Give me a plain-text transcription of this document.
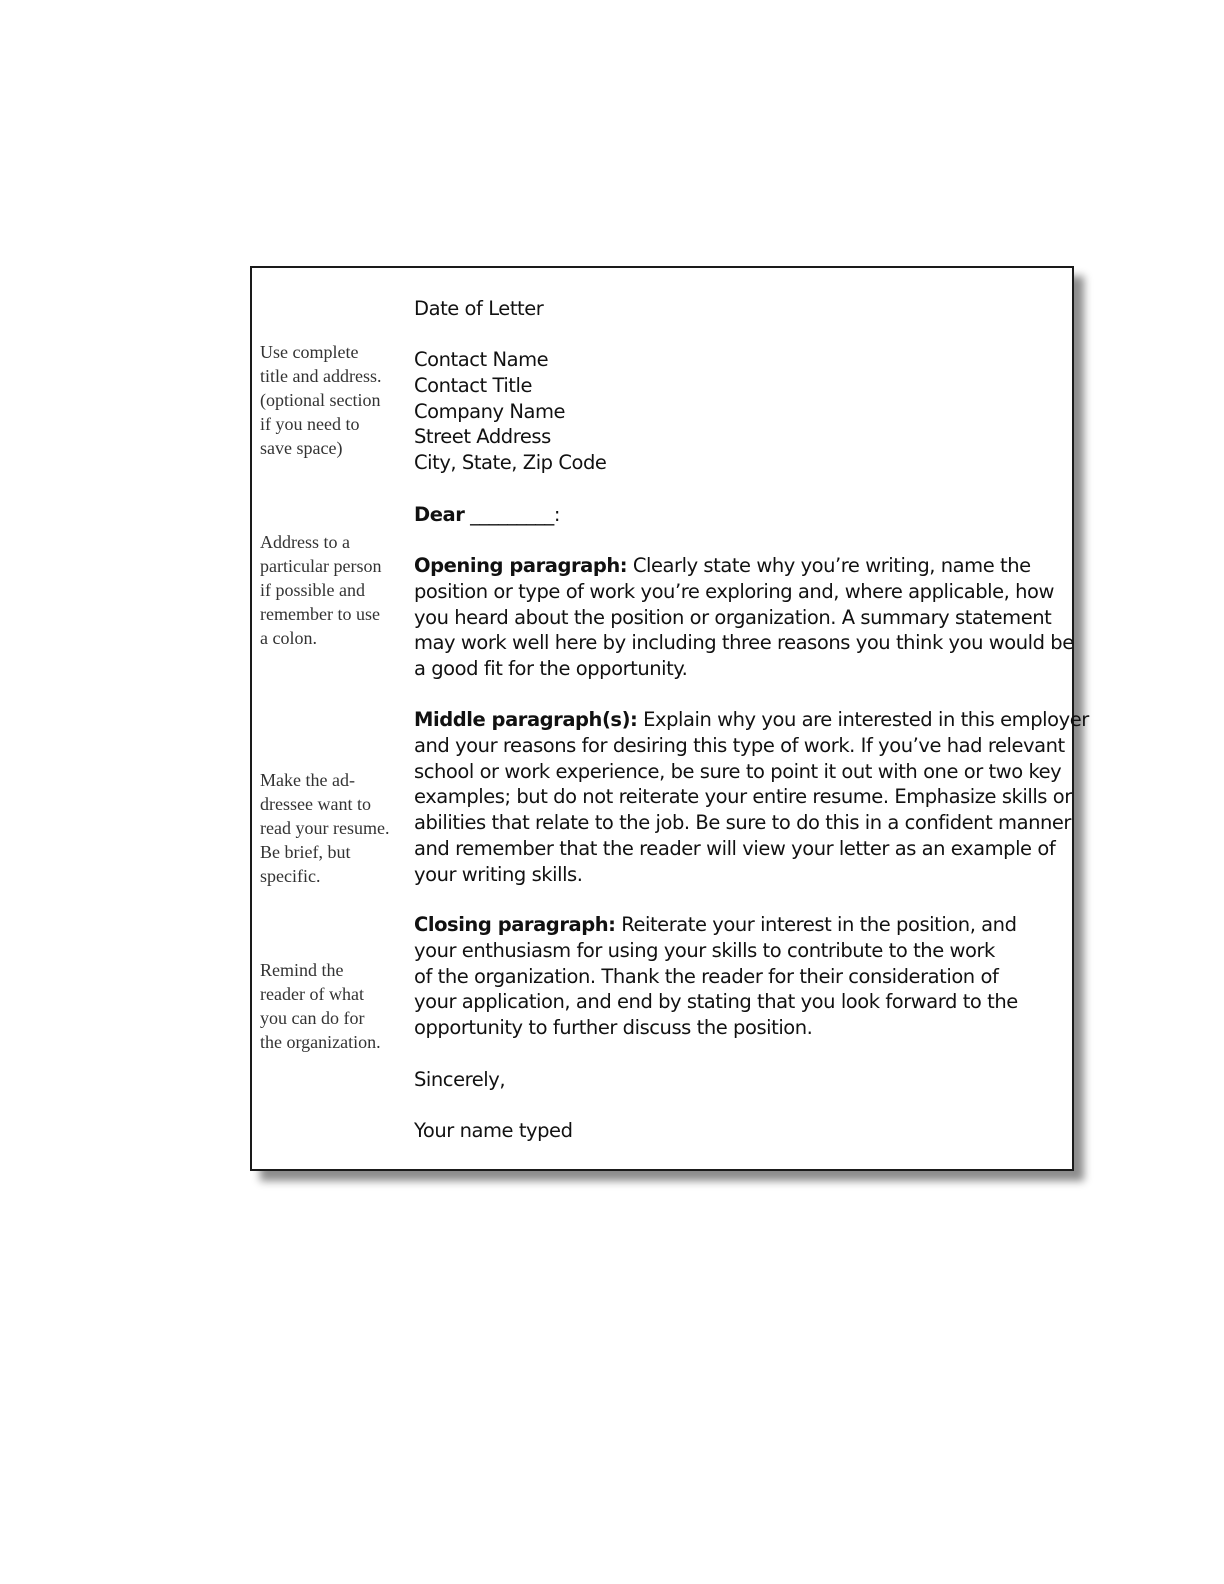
Use complete
title and address.
(optional section
if you need to
save space)
Address to a
particular person
if possible and
remember to use
a colon.
Make the ad-
dressee want to
read your resume.
Be brief, but
specific.
Remind the
reader of what
you can do for
the organization.
Date of Letter
Contact Name
Contact Title
Company Name
Street Address
City, State, Zip Code
Dear _________:
Opening paragraph: Clearly state why you’re writing, name the
position or type of work you’re exploring and, where applicable, how
you heard about the position or organization. A summary statement
may work well here by including three reasons you think you would be
a good fit for the opportunity.
Middle paragraph(s): Explain why you are interested in this employer
and your reasons for desiring this type of work. If you’ve had relevant
school or work experience, be sure to point it out with one or two key
examples; but do not reiterate your entire resume. Emphasize skills or
abilities that relate to the job. Be sure to do this in a confident manner
and remember that the reader will view your letter as an example of
your writing skills.
Closing paragraph: Reiterate your interest in the position, and
your enthusiasm for using your skills to contribute to the work
of the organization. Thank the reader for their consideration of
your application, and end by stating that you look forward to the
opportunity to further discuss the position.
Sincerely,
Your name typed
